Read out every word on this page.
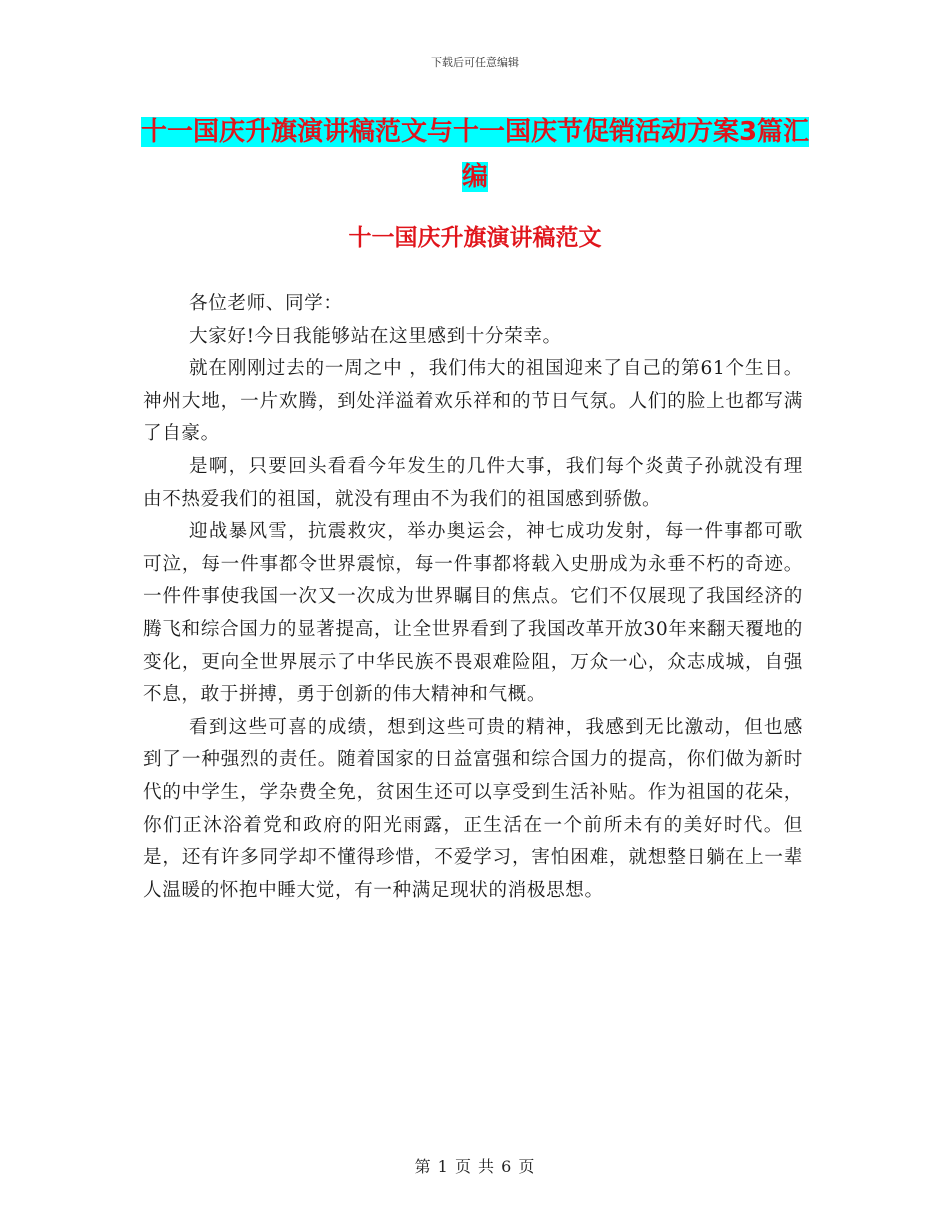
下载后可任意编辑
十一国庆升旗演讲稿范文与十一国庆节促销活动方案3篇汇编
十一国庆升旗演讲稿范文

各位老师、同学：

大家好!今日我能够站在这里感到十分荣幸。

就在刚刚过去的一周之中 ，我们伟大的祖国迎来了自己的第61个生日。神州大地，一片欢腾，到处洋溢着欢乐祥和的节日气氛。人们的脸上也都写满了自豪。

是啊，只要回头看看今年发生的几件大事，我们每个炎黄子孙就没有理由不热爱我们的祖国，就没有理由不为我们的祖国感到骄傲。

迎战暴风雪，抗震救灾，举办奥运会，神七成功发射，每一件事都可歌可泣，每一件事都令世界震惊，每一件事都将载入史册成为永垂不朽的奇迹。一件件事使我国一次又一次成为世界瞩目的焦点。它们不仅展现了我国经济的腾飞和综合国力的显著提高，让全世界看到了我国改革开放30年来翻天覆地的变化，更向全世界展示了中华民族不畏艰难险阻，万众一心，众志成城，自强不息，敢于拼搏，勇于创新的伟大精神和气概。

看到这些可喜的成绩，想到这些可贵的精神，我感到无比激动，但也感到了一种强烈的责任。随着国家的日益富强和综合国力的提高，你们做为新时代的中学生，学杂费全免，贫困生还可以享受到生活补贴。作为祖国的花朵，你们正沐浴着党和政府的阳光雨露，正生活在一个前所未有的美好时代。但是，还有许多同学却不懂得珍惜，不爱学习，害怕困难，就想整日躺在上一辈人温暖的怀抱中睡大觉，有一种满足现状的消极思想。

第 1 页 共 6 页
